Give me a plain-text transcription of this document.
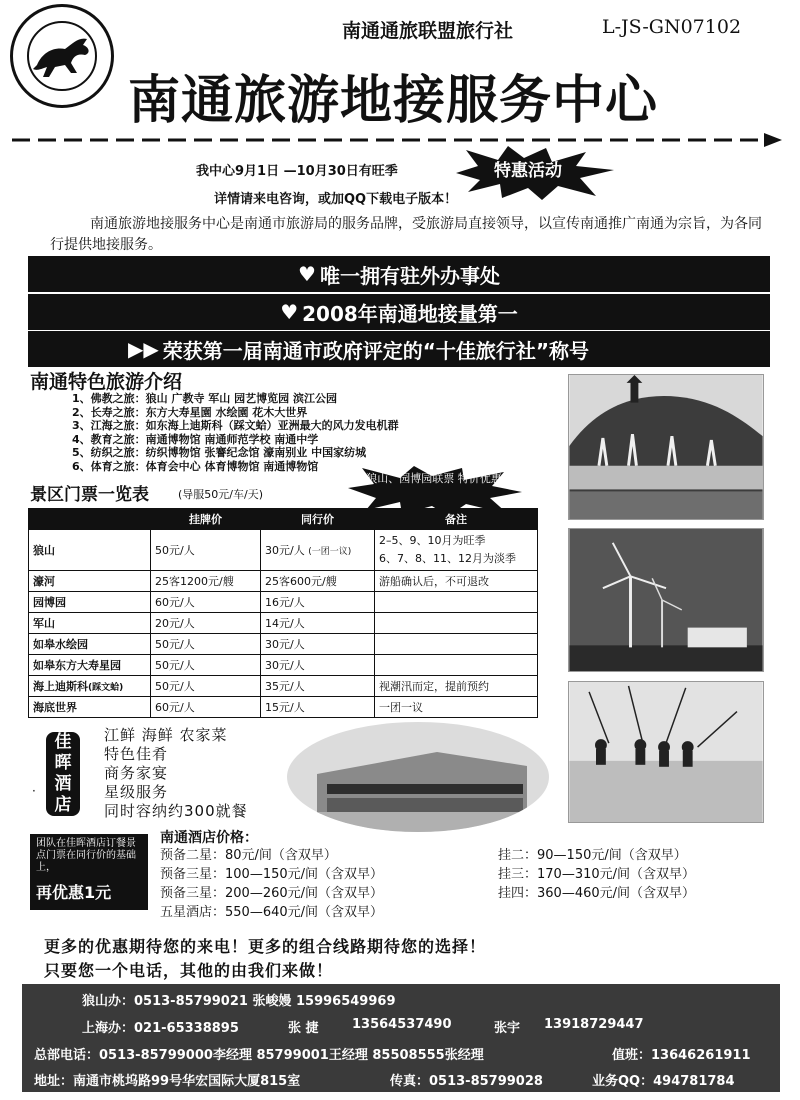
南通通旅联盟旅行社	L-JS-GN07102
南通旅游地接服务中心
我中心9月1日 —10月30日有旺季
详情请来电咨询，或加QQ下载电子版本！
特惠活动
南通旅游地接服务中心是南通市旅游局的服务品牌，受旅游局直接领导，以宣传南通推广南通为宗旨，为各同行提供地接服务。
♥ 唯一拥有驻外办事处
♥ 2008年南通地接量第一
▶▶ 荣获第一届南通市政府评定的“十佳旅行社”称号
南通特色旅游介绍
1、佛教之旅：狼山 广教寺 军山 园艺博览园 滨江公园
2、长寿之旅：东方大寿星園 水绘園 花木大世界
3、江海之旅：如东海上迪斯科（踩文蛤）亚洲最大的风力发电机群
4、教育之旅：南通博物馆 南通师范学校 南通中学
5、纺织之旅：纺织博物馆 张謇纪念馆 濠南别业 中国家纺城
6、体育之旅：体育会中心 体育博物馆 南通博物馆
景区门票一览表	(导服50元/车/天)
狼山、园博园联票 特价优惠
	挂牌价	同行价	备注
狼山	50元/人	30元/人 (一团一议)	2–5、9、10月为旺季
6、7、8、11、12月为淡季

濠河	25客1200元/艘	25客600元/艘	游船确认后，不可退改
园博园	60元/人	16元/人	
军山	20元/人	14元/人	
如皋水绘园	50元/人	30元/人	
如皋东方大寿星园	50元/人	30元/人	
海上迪斯科(踩文蛤)	50元/人	35元/人	视潮汛而定，提前预约
海底世界	60元/人	15元/人	一团一议
佳
晖
酒
店
·
江鲜 海鲜 农家菜
特色佳肴
商务家宴
星级服务
同时容纳约300就餐
团队在佳晖酒店订餐景点门票在同行价的基础上，
再优惠1元
南通酒店价格：
预备二星：80元/间（含双早）
预备三星：100—150元/间（含双早）
预备三星：200—260元/间（含双早）
五星酒店：550—640元/间（含双早）
挂二：90—150元/间（含双早）
挂三：170—310元/间（含双早）
挂四：360—460元/间（含双早）
更多的优惠期待您的来电！更多的组合线路期待您的选择！
只要您一个电话，其他的由我们来做！
狼山办：0513-85799021 张峻嫚 15996549969
上海办：021-65338895	张 捷	13564537490	张宇 13918729447
总部电话：0513-85799000李经理 85799001王经理 85508555张经理	值班：13646261911
地址：南通市桃坞路99号华宏国际大厦815室	传真：0513-85799028	业务QQ：494781784
